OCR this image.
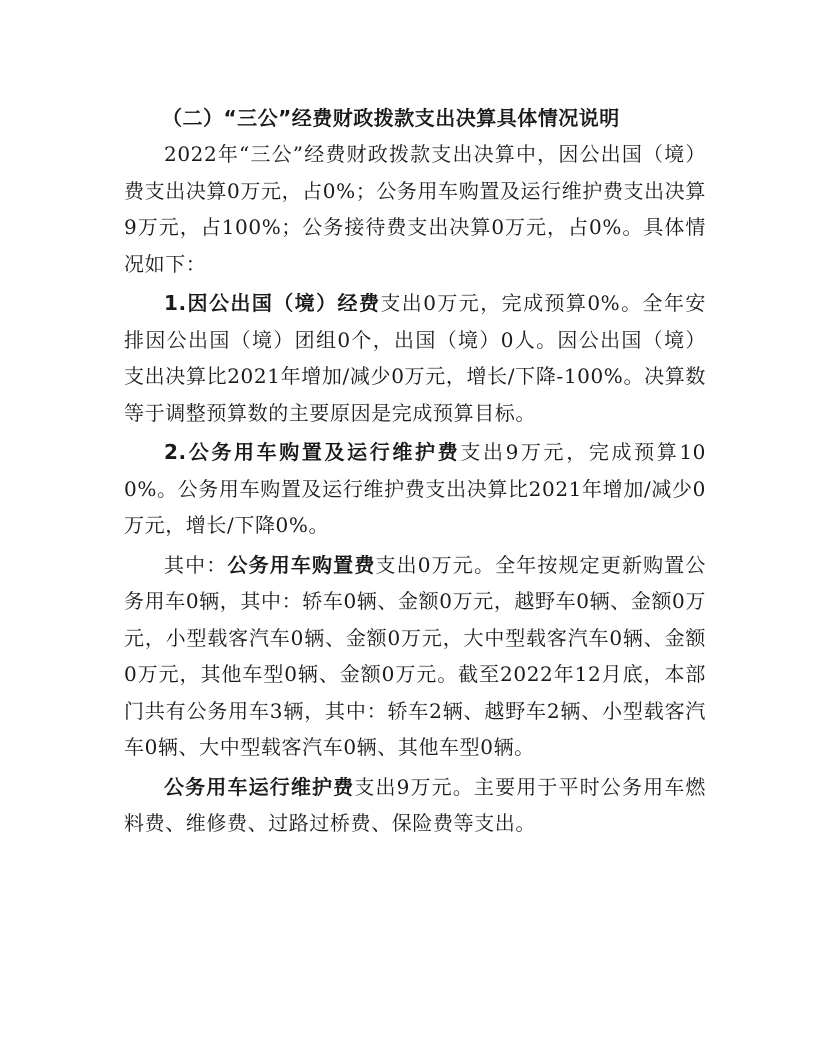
（二）“三公”经费财政拨款支出决算具体情况说明

2022年“三公”经费财政拨款支出决算中，因公出国（境）费支出决算0万元，占0%；公务用车购置及运行维护费支出决算9万元，占100%；公务接待费支出决算0万元，占0%。具体情况如下：

1.因公出国（境）经费支出0万元，完成预算0%。全年安排因公出国（境）团组0个，出国（境）0人。因公出国（境）支出决算比2021年增加/减少0万元，增长/下降-100%。决算数等于调整预算数的主要原因是完成预算目标。

2.公务用车购置及运行维护费支出9万元，完成预算100%。公务用车购置及运行维护费支出决算比2021年增加/减少0万元，增长/下降0%。

其中：公务用车购置费支出0万元。全年按规定更新购置公务用车0辆，其中：轿车0辆、金额0万元，越野车0辆、金额0万元，小型载客汽车0辆、金额0万元，大中型载客汽车0辆、金额0万元，其他车型0辆、金额0万元。截至2022年12月底，本部门共有公务用车3辆，其中：轿车2辆、越野车2辆、小型载客汽车0辆、大中型载客汽车0辆、其他车型0辆。

公务用车运行维护费支出9万元。主要用于平时公务用车燃料费、维修费、过路过桥费、保险费等支出。
